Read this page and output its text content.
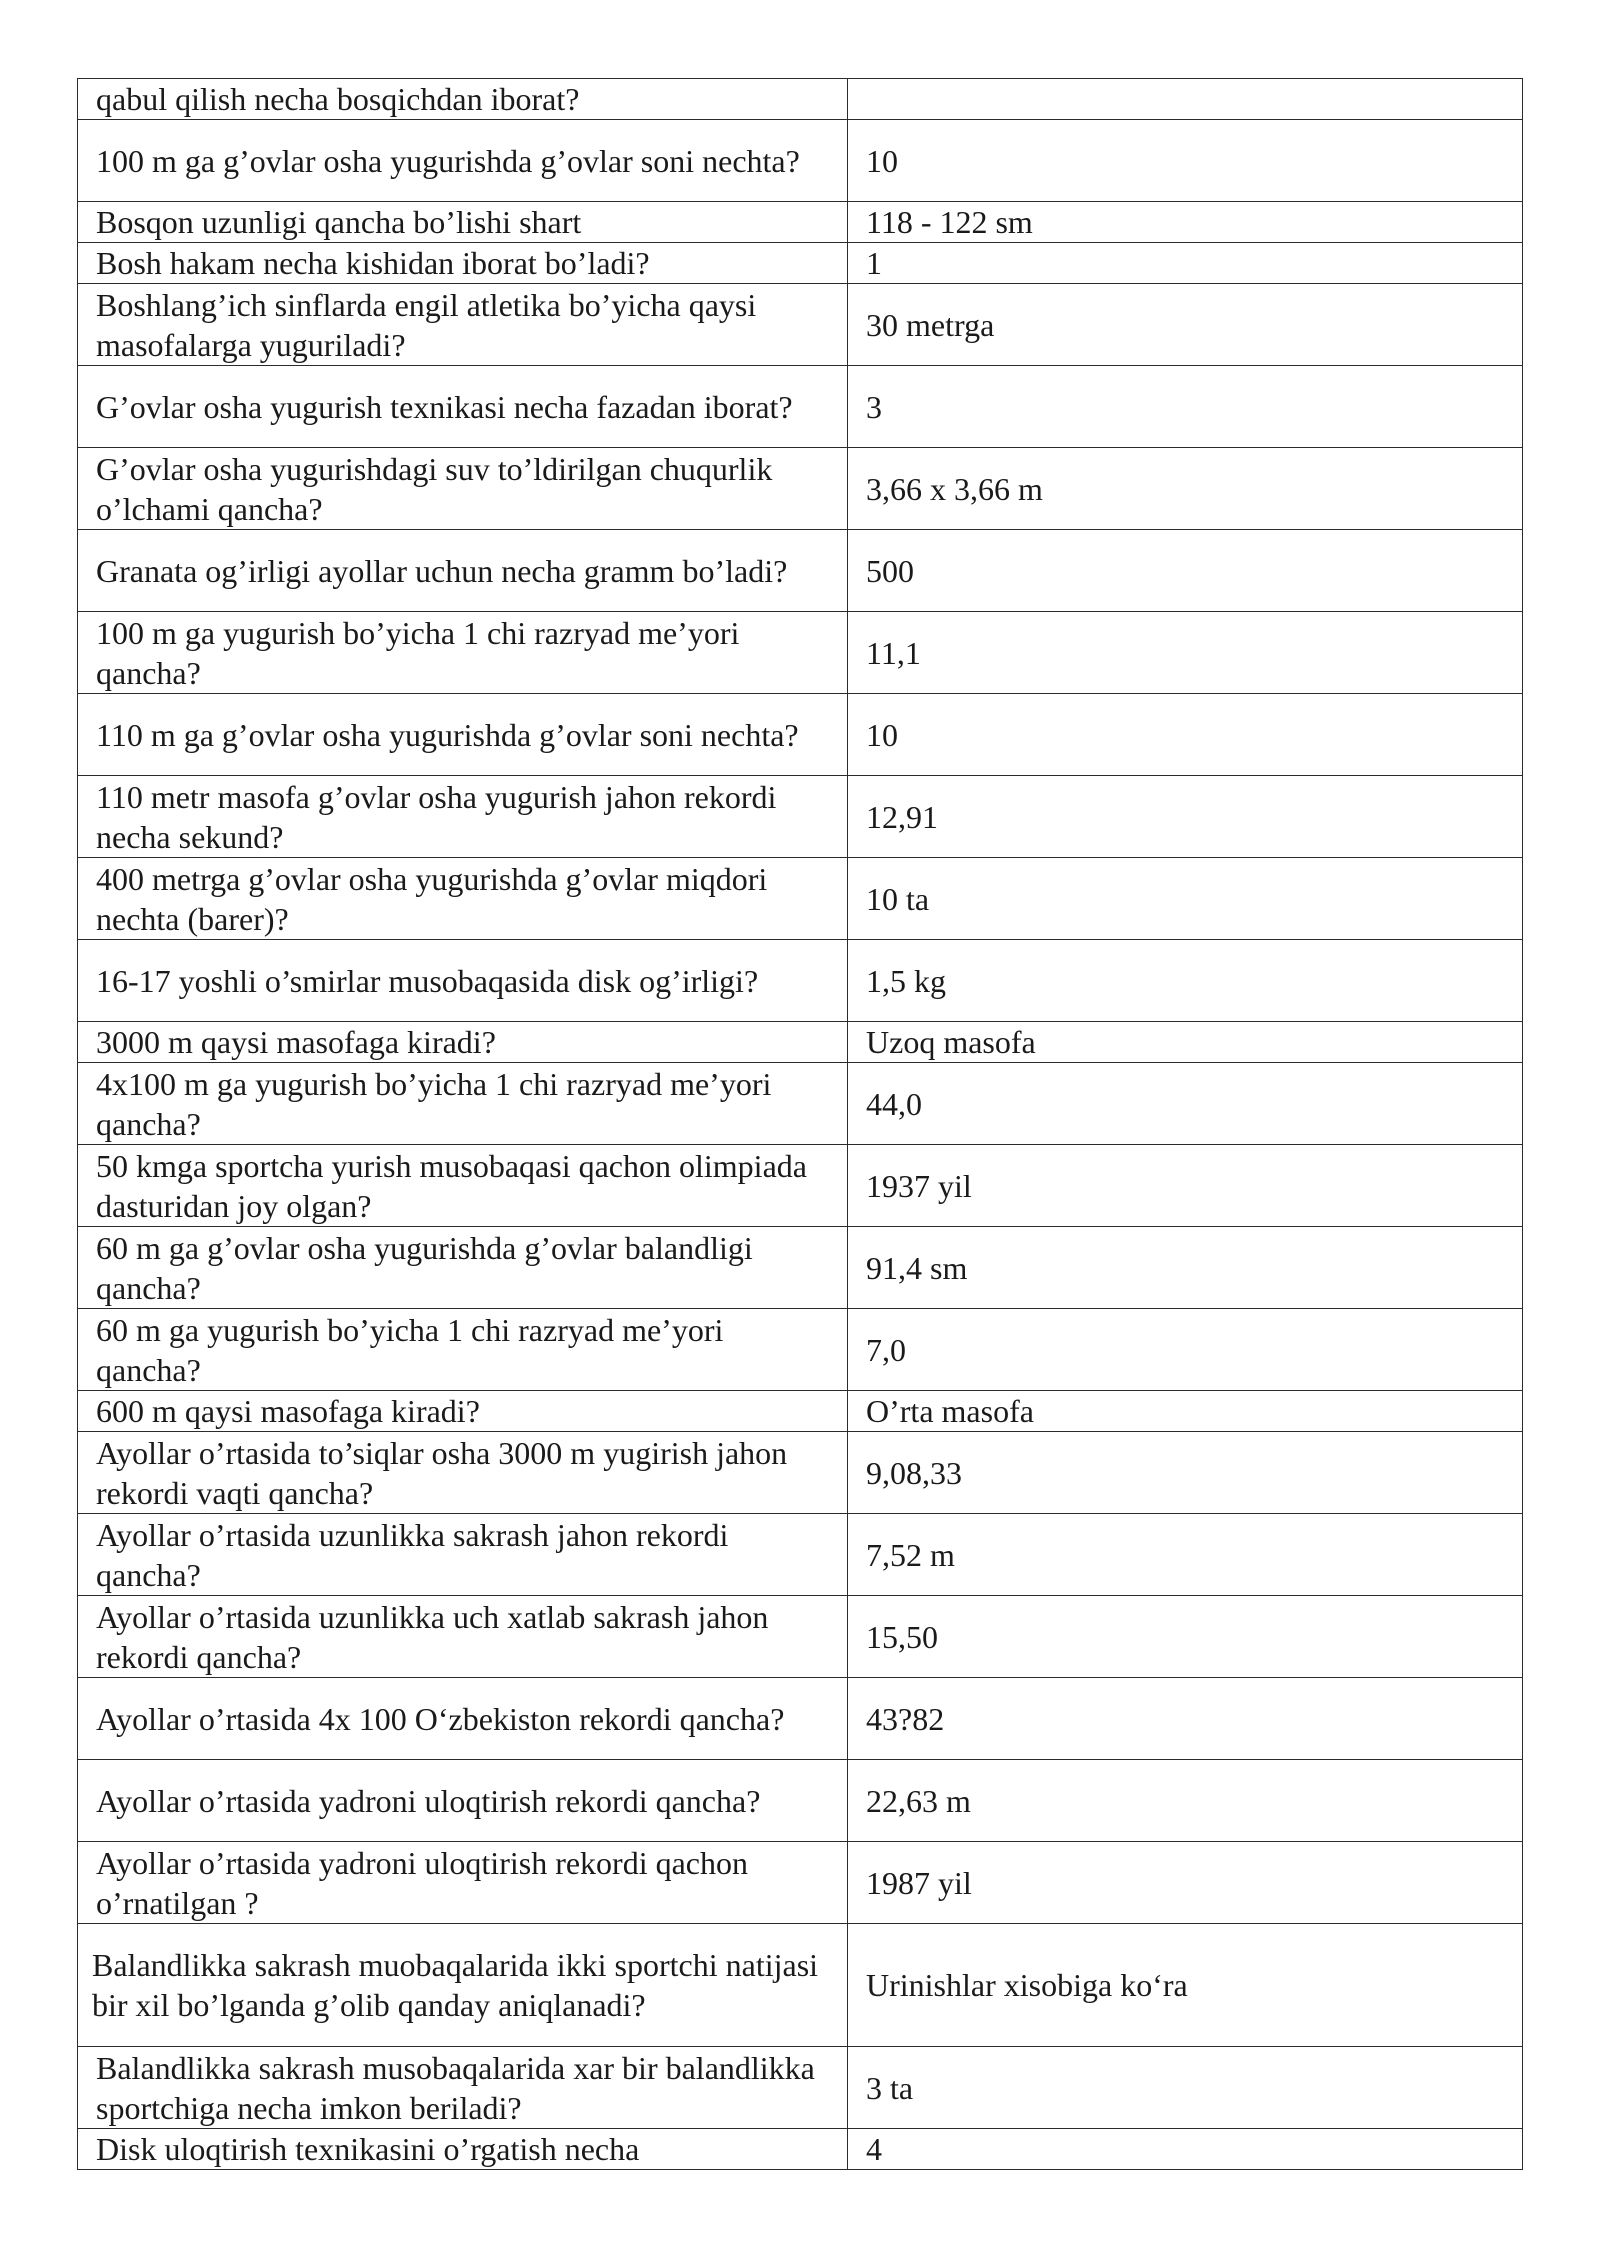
qabul qilish necha bosqichdan iborat?	
100 m ga g’ovlar osha yugurishda g’ovlar soni nechta?	10
Bosqon uzunligi qancha bo’lishi shart	118 - 122 sm
Bosh hakam necha kishidan iborat bo’ladi?	1
Boshlang’ich sinflarda engil atletika bo’yicha qaysi masofalarga yuguriladi?	30 metrga
G’ovlar osha yugurish texnikasi necha fazadan iborat?	3
G’ovlar osha yugurishdagi suv to’ldirilgan chuqurlik o’lchami qancha?	3,66 x 3,66 m
Granata og’irligi ayollar uchun necha gramm bo’ladi?	500
100 m ga yugurish bo’yicha 1 chi razryad me’yori qancha?	11,1
110 m ga g’ovlar osha yugurishda g’ovlar soni nechta?	10
110 metr masofa g’ovlar osha yugurish jahon rekordi necha sekund?	12,91
400 metrga g’ovlar osha yugurishda g’ovlar miqdori nechta (barer)?	10 ta
16-17 yoshli o’smirlar musobaqasida disk og’irligi?	1,5 kg
3000 m qaysi masofaga kiradi?	Uzoq masofa
4x100 m ga yugurish bo’yicha 1 chi razryad me’yori qancha?	44,0
50 kmga sportcha yurish musobaqasi qachon olimpiada dasturidan joy olgan?	1937 yil
60 m ga g’ovlar osha yugurishda g’ovlar balandligi qancha?	91,4 sm
60 m ga yugurish bo’yicha 1 chi razryad me’yori qancha?	7,0
600 m qaysi masofaga kiradi?	O’rta masofa
Ayollar o’rtasida to’siqlar osha 3000 m yugirish jahon rekordi vaqti qancha?	9,08,33
Ayollar o’rtasida uzunlikka sakrash jahon rekordi qancha?	7,52 m
Ayollar o’rtasida uzunlikka uch xatlab sakrash jahon rekordi qancha?	15,50
Ayollar o’rtasida 4x 100 O‘zbekiston rekordi qancha?	43?82
Ayollar o’rtasida yadroni uloqtirish rekordi qancha?	22,63 m
Ayollar o’rtasida yadroni uloqtirish rekordi qachon o’rnatilgan ?	1987 yil
Balandlikka sakrash muobaqalarida ikki sportchi natijasi bir xil bo’lganda g’olib qanday aniqlanadi?	Urinishlar xisobiga ko‘ra
Balandlikka sakrash musobaqalarida xar bir balandlikka sportchiga necha imkon beriladi?	3 ta
Disk uloqtirish texnikasini o’rgatish necha	4
